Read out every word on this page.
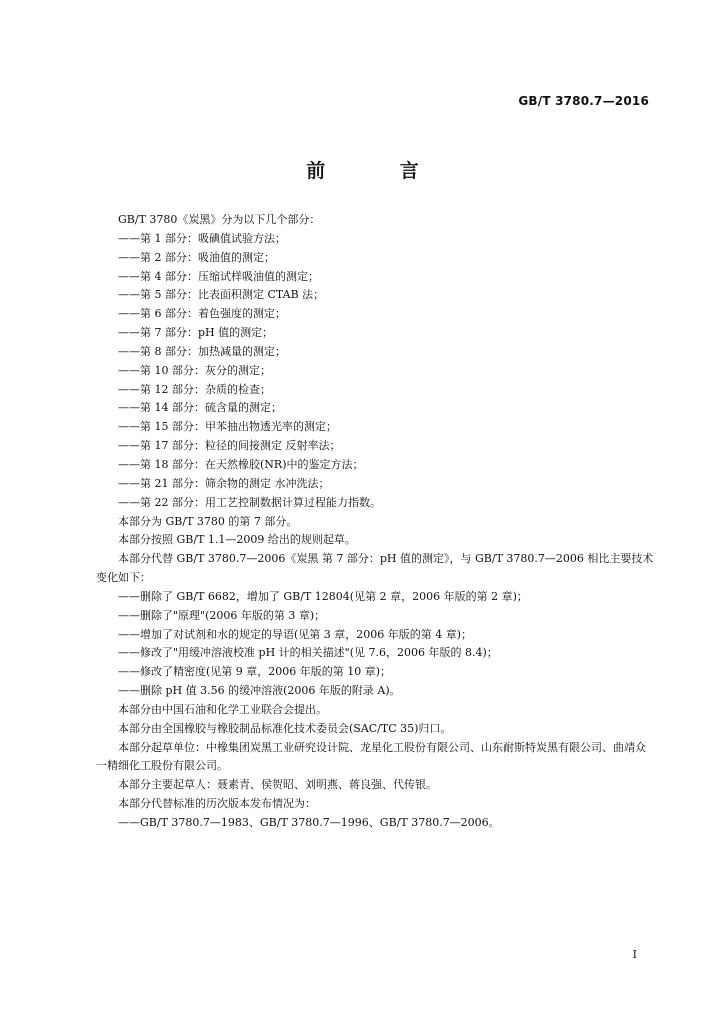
GB/T 3780.7—2016
前 言
GB/T 3780《炭黑》分为以下几个部分：
——第 1 部分：吸碘值试验方法；
——第 2 部分：吸油值的测定；
——第 4 部分：压缩试样吸油值的测定；
——第 5 部分：比表面积测定 CTAB 法；
——第 6 部分：着色强度的测定；
——第 7 部分：pH 值的测定；
——第 8 部分：加热减量的测定；
——第 10 部分：灰分的测定；
——第 12 部分：杂质的检查；
——第 14 部分：硫含量的测定；
——第 15 部分：甲苯抽出物透光率的测定；
——第 17 部分：粒径的间接测定 反射率法；
——第 18 部分：在天然橡胶(NR)中的鉴定方法；
——第 21 部分：筛余物的测定 水冲洗法；
——第 22 部分：用工艺控制数据计算过程能力指数。
本部分为 GB/T 3780 的第 7 部分。
本部分按照 GB/T 1.1—2009 给出的规则起草。
本部分代替 GB/T 3780.7—2006《炭黑 第 7 部分：pH 值的测定》，与 GB/T 3780.7—2006 相比主要技术变化如下：
——删除了 GB/T 6682，增加了 GB/T 12804(见第 2 章，2006 年版的第 2 章)；
——删除了"原理"(2006 年版的第 3 章)；
——增加了对试剂和水的规定的导语(见第 3 章，2006 年版的第 4 章)；
——修改了"用缓冲溶液校准 pH 计的相关描述"(见 7.6，2006 年版的 8.4)；
——修改了精密度(见第 9 章，2006 年版的第 10 章)；
——删除 pH 值 3.56 的缓冲溶液(2006 年版的附录 A)。
本部分由中国石油和化学工业联合会提出。
本部分由全国橡胶与橡胶制品标准化技术委员会(SAC/TC 35)归口。
本部分起草单位：中橡集团炭黑工业研究设计院、龙星化工股份有限公司、山东耐斯特炭黑有限公司、曲靖众一精细化工股份有限公司。
本部分主要起草人：聂素青、侯贺昭、刘明燕、蒋良强、代传银。
本部分代替标准的历次版本发布情况为：
——GB/T 3780.7—1983、GB/T 3780.7—1996、GB/T 3780.7—2006。
I
